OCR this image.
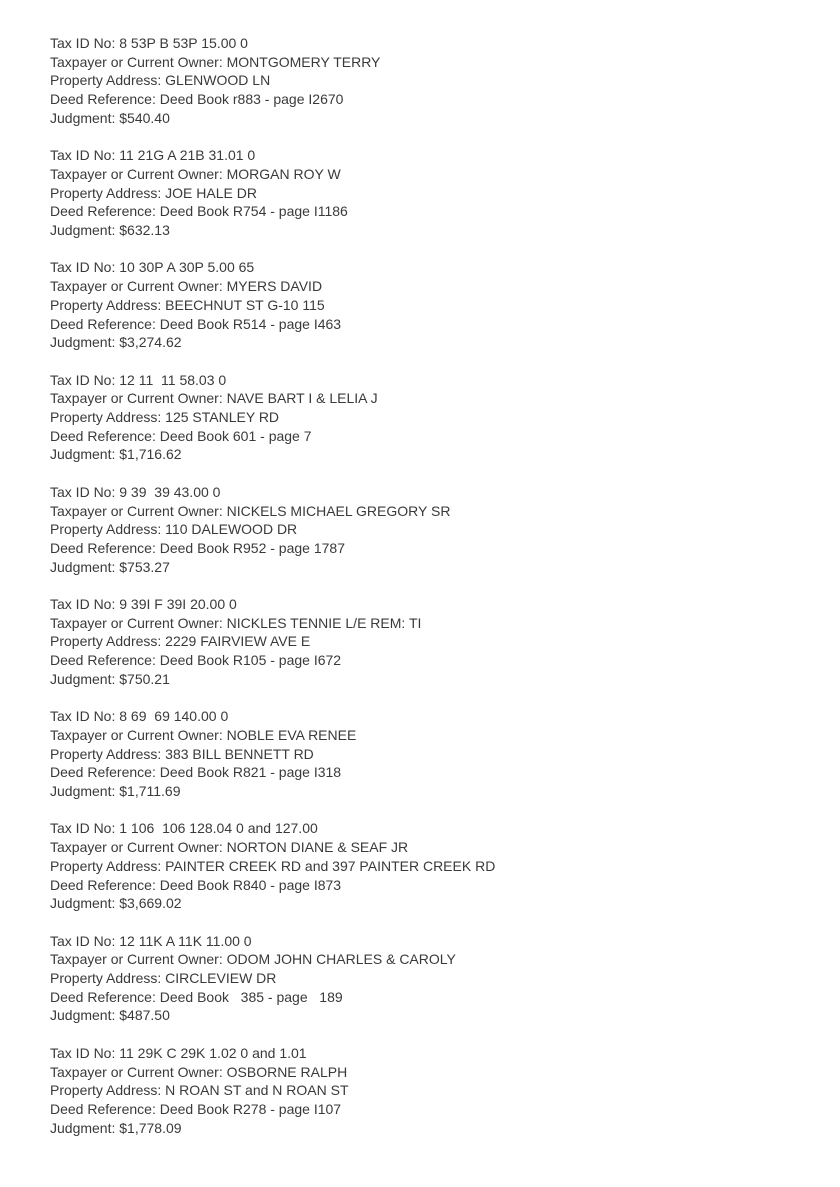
Tax ID No: 8 53P B 53P 15.00 0
Taxpayer or Current Owner: MONTGOMERY TERRY
Property Address: GLENWOOD LN
Deed Reference: Deed Book r883 - page I2670
Judgment: $540.40
Tax ID No: 11 21G A 21B 31.01 0
Taxpayer or Current Owner: MORGAN ROY W
Property Address: JOE HALE DR
Deed Reference: Deed Book R754 - page I1186
Judgment: $632.13
Tax ID No: 10 30P A 30P 5.00 65
Taxpayer or Current Owner: MYERS DAVID
Property Address: BEECHNUT ST G-10 115
Deed Reference: Deed Book R514 - page I463
Judgment: $3,274.62
Tax ID No: 12 11  11 58.03 0
Taxpayer or Current Owner: NAVE BART I & LELIA J
Property Address: 125 STANLEY RD
Deed Reference: Deed Book 601 - page 7
Judgment: $1,716.62
Tax ID No: 9 39  39 43.00 0
Taxpayer or Current Owner: NICKELS MICHAEL GREGORY SR
Property Address: 110 DALEWOOD DR
Deed Reference: Deed Book R952 - page 1787
Judgment: $753.27
Tax ID No: 9 39I F 39I 20.00 0
Taxpayer or Current Owner: NICKLES TENNIE L/E REM: TI
Property Address: 2229 FAIRVIEW AVE E
Deed Reference: Deed Book R105 - page I672
Judgment: $750.21
Tax ID No: 8 69  69 140.00 0
Taxpayer or Current Owner: NOBLE EVA RENEE
Property Address: 383 BILL BENNETT RD
Deed Reference: Deed Book R821 - page I318
Judgment: $1,711.69
Tax ID No: 1 106  106 128.04 0 and 127.00
Taxpayer or Current Owner: NORTON DIANE & SEAF JR
Property Address: PAINTER CREEK RD and 397 PAINTER CREEK RD
Deed Reference: Deed Book R840 - page I873
Judgment: $3,669.02
Tax ID No: 12 11K A 11K 11.00 0
Taxpayer or Current Owner: ODOM JOHN CHARLES & CAROLY
Property Address: CIRCLEVIEW DR
Deed Reference: Deed Book   385 - page   189
Judgment: $487.50
Tax ID No: 11 29K C 29K 1.02 0 and 1.01
Taxpayer or Current Owner: OSBORNE RALPH
Property Address: N ROAN ST and N ROAN ST
Deed Reference: Deed Book R278 - page I107
Judgment: $1,778.09
